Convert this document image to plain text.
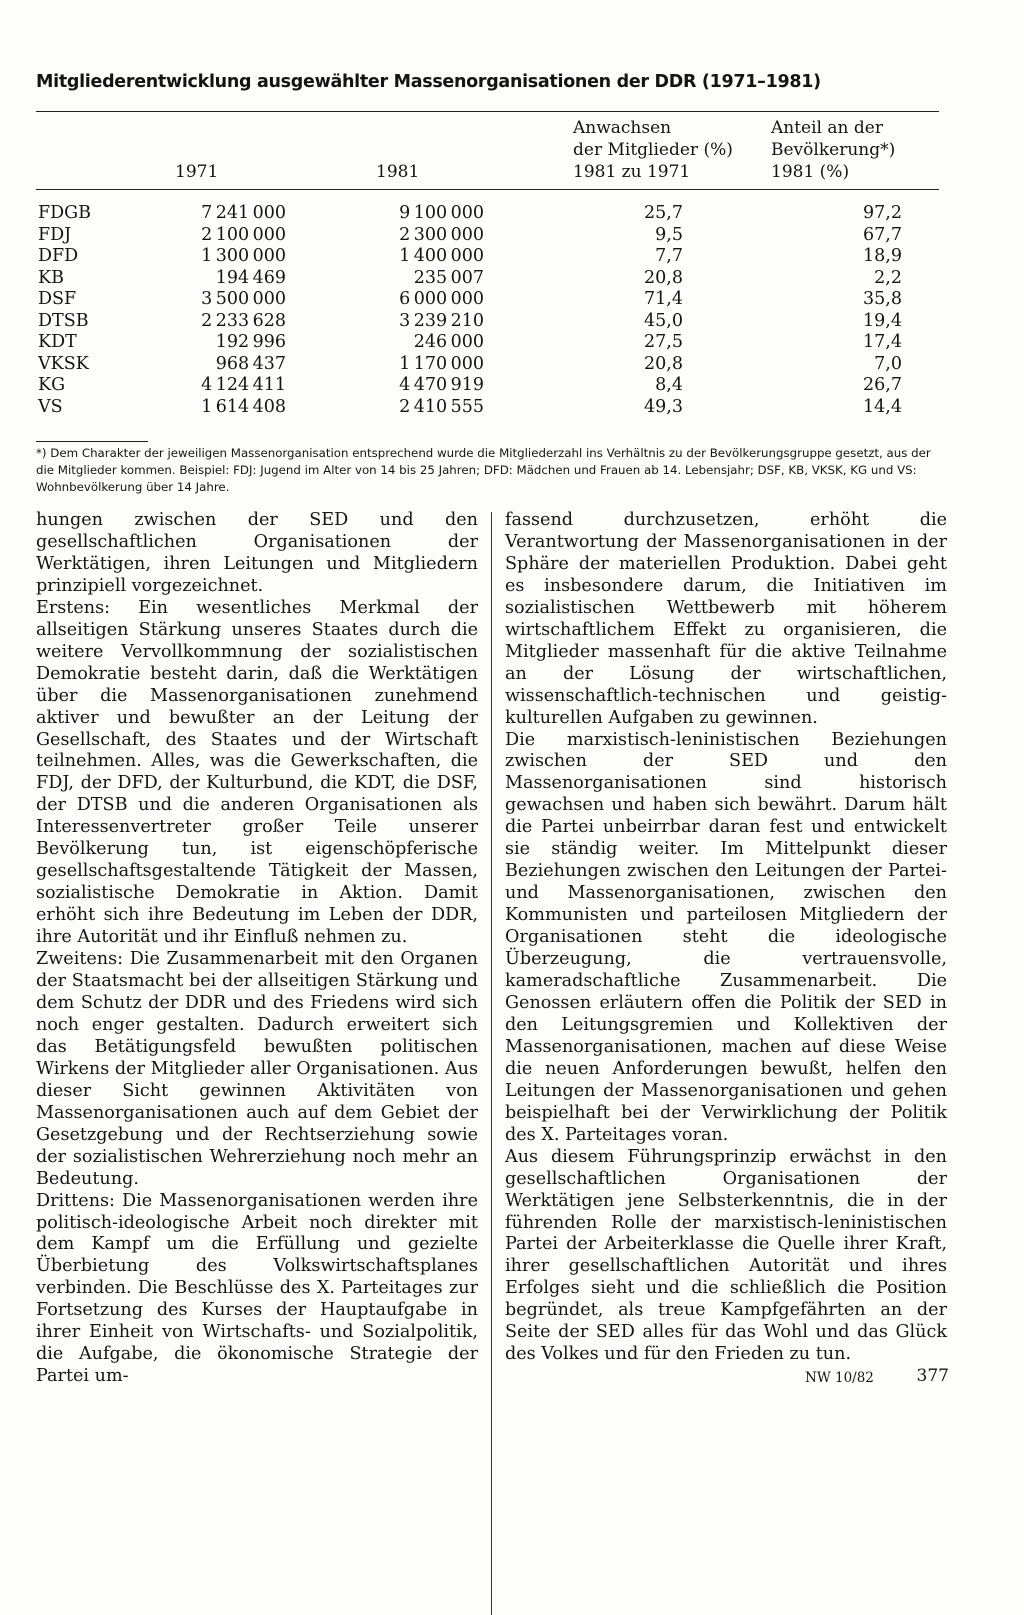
Mitgliederentwicklung ausgewählter Massenorganisationen der DDR (1971–1981)
1971	1981
Anwachsen
der Mitglieder (%)
1981 zu 1971
Anteil an der
Bevölkerung*)
1981 (%)
FDGB	7 241 000	9 100 000	25,7	97,2
FDJ	2 100 000	2 300 000	9,5	67,7
DFD	1 300 000	1 400 000	7,7	18,9
KB	194 469	235 007	20,8	2,2
DSF	3 500 000	6 000 000	71,4	35,8
DTSB	2 233 628	3 239 210	45,0	19,4
KDT	192 996	246 000	27,5	17,4
VKSK	968 437	1 170 000	20,8	7,0
KG	4 124 411	4 470 919	8,4	26,7
VS	1 614 408	2 410 555	49,3	14,4
*) Dem Charakter der jeweiligen Massenorganisation entsprechend wurde die Mitgliederzahl ins Verhältnis zu der Bevölkerungsgruppe gesetzt, aus der die Mitglieder kommen. Beispiel: FDJ: Jugend im Alter von 14 bis 25 Jahren; DFD: Mädchen und Frauen ab 14. Lebensjahr; DSF, KB, VKSK, KG und VS: Wohnbevölkerung über 14 Jahre.

hungen zwischen der SED und den gesellschaftlichen Organisationen der Werktätigen, ihren Leitungen und Mitgliedern prinzipiell vorgezeichnet.

Erstens: Ein wesentliches Merkmal der allseitigen Stärkung unseres Staates durch die weitere Vervollkommnung der sozialistischen Demokratie besteht darin, daß die Werktätigen über die Massenorganisationen zunehmend aktiver und bewußter an der Leitung der Gesellschaft, des Staates und der Wirtschaft teilnehmen. Alles, was die Gewerkschaften, die FDJ, der DFD, der Kulturbund, die KDT, die DSF, der DTSB und die anderen Organisationen als Interessenvertreter großer Teile unserer Bevölkerung tun, ist eigenschöpferische gesellschaftsgestaltende Tätigkeit der Massen, sozialistische Demokratie in Aktion. Damit erhöht sich ihre Bedeutung im Leben der DDR, ihre Autorität und ihr Einfluß nehmen zu.

Zweitens: Die Zusammenarbeit mit den Organen der Staatsmacht bei der allseitigen Stärkung und dem Schutz der DDR und des Friedens wird sich noch enger gestalten. Dadurch erweitert sich das Betätigungsfeld bewußten politischen Wirkens der Mitglieder aller Organisationen. Aus dieser Sicht gewinnen Aktivitäten von Massenorganisationen auch auf dem Gebiet der Gesetzgebung und der Rechtserziehung sowie der sozialistischen Wehrerziehung noch mehr an Bedeutung.

Drittens: Die Massenorganisationen werden ihre politisch-ideologische Arbeit noch direkter mit dem Kampf um die Erfüllung und gezielte Überbietung des Volkswirtschaftsplanes verbinden. Die Beschlüsse des X. Parteitages zur Fortsetzung des Kurses der Hauptaufgabe in ihrer Einheit von Wirtschafts- und Sozialpolitik, die Aufgabe, die ökonomische Strategie der Partei um-

fassend durchzusetzen, erhöht die Verantwortung der Massenorganisationen in der Sphäre der materiellen Produktion. Dabei geht es insbesondere darum, die Initiativen im sozialistischen Wettbewerb mit höherem wirtschaftlichem Effekt zu organisieren, die Mitglieder massenhaft für die aktive Teilnahme an der Lösung der wirtschaftlichen, wissenschaftlich-technischen und geistig-kulturellen Aufgaben zu gewinnen.

Die marxistisch-leninistischen Beziehungen zwischen der SED und den Massenorganisationen sind historisch gewachsen und haben sich bewährt. Darum hält die Partei unbeirrbar daran fest und entwickelt sie ständig weiter. Im Mittelpunkt dieser Beziehungen zwischen den Leitungen der Partei- und Massenorganisationen, zwischen den Kommunisten und parteilosen Mitgliedern der Organisationen steht die ideologische Überzeugung, die vertrauensvolle, kameradschaftliche Zusammenarbeit. Die Genossen erläutern offen die Politik der SED in den Leitungsgremien und Kollektiven der Massenorganisationen, machen auf diese Weise die neuen Anforderungen bewußt, helfen den Leitungen der Massenorganisationen und gehen beispielhaft bei der Verwirklichung der Politik des X. Parteitages voran.

Aus diesem Führungsprinzip erwächst in den gesellschaftlichen Organisationen der Werktätigen jene Selbsterkenntnis, die in der führenden Rolle der marxistisch-leninistischen Partei der Arbeiterklasse die Quelle ihrer Kraft, ihrer gesellschaftlichen Autorität und ihres Erfolges sieht und die schließlich die Position begründet, als treue Kampfgefährten an der Seite der SED alles für das Wohl und das Glück des Volkes und für den Frieden zu tun.

NW 10/82	377
